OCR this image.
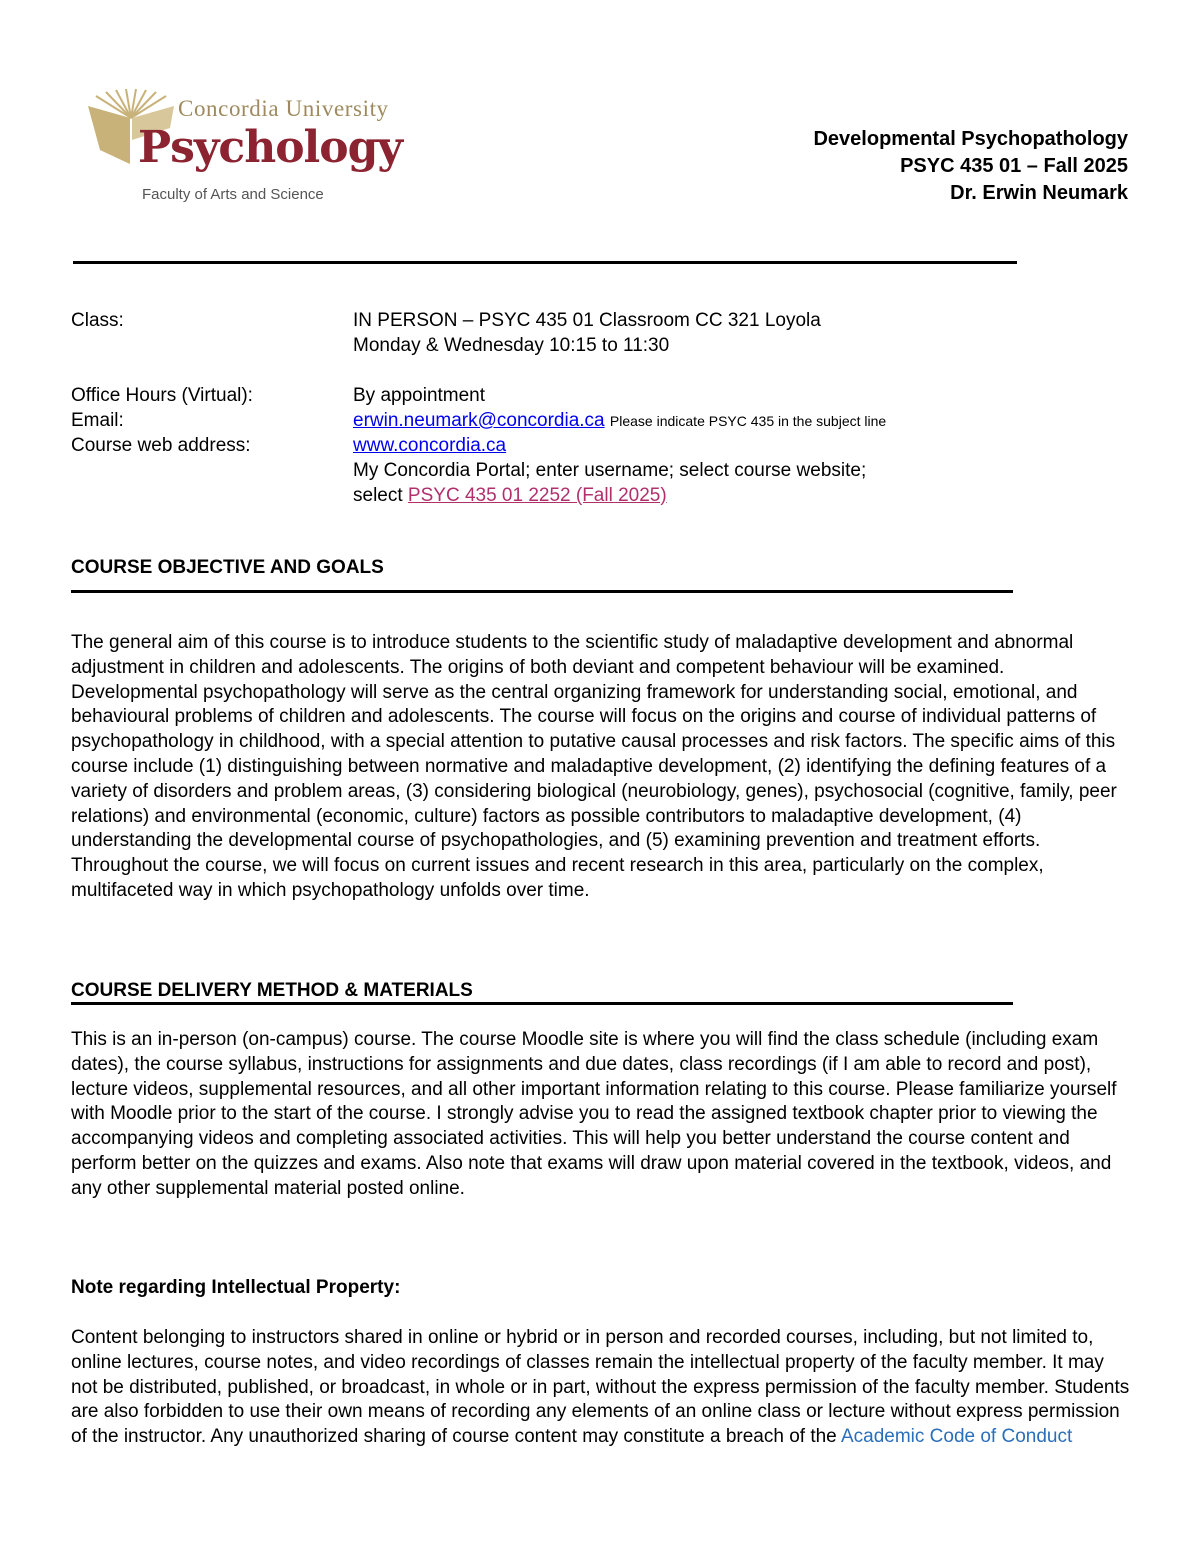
Concordia University
Psychology
Faculty of Arts and Science
Developmental Psychopathology
PSYC 435 01 – Fall 2025
Dr. Erwin Neumark
Class:	IN PERSON – PSYC 435 01 Classroom CC 321 Loyola
Monday & Wednesday 10:15 to 11:30
Office Hours (Virtual):	By appointment
Email:	erwin.neumark@concordia.ca Please indicate PSYC 435 in the subject line
Course web address:	www.concordia.ca
My Concordia Portal; enter username; select course website;
select PSYC 435 01 2252 (Fall 2025)
COURSE OBJECTIVE AND GOALS
The general aim of this course is to introduce students to the scientific study of maladaptive development and abnormal adjustment in children and adolescents. The origins of both deviant and competent behaviour will be examined. Developmental psychopathology will serve as the central organizing framework for understanding social, emotional, and behavioural problems of children and adolescents. The course will focus on the origins and course of individual patterns of psychopathology in childhood, with a special attention to putative causal processes and risk factors. The specific aims of this course include (1) distinguishing between normative and maladaptive development, (2) identifying the defining features of a variety of disorders and problem areas, (3) considering biological (neurobiology, genes), psychosocial (cognitive, family, peer relations) and environmental (economic, culture) factors as possible contributors to maladaptive development, (4) understanding the developmental course of psychopathologies, and (5) examining prevention and treatment efforts. Throughout the course, we will focus on current issues and recent research in this area, particularly on the complex, multifaceted way in which psychopathology unfolds over time.
COURSE DELIVERY METHOD & MATERIALS
This is an in-person (on-campus) course. The course Moodle site is where you will find the class schedule (including exam dates), the course syllabus, instructions for assignments and due dates, class recordings (if I am able to record and post), lecture videos, supplemental resources, and all other important information relating to this course. Please familiarize yourself with Moodle prior to the start of the course. I strongly advise you to read the assigned textbook chapter prior to viewing the accompanying videos and completing associated activities. This will help you better understand the course content and perform better on the quizzes and exams. Also note that exams will draw upon material covered in the textbook, videos, and any other supplemental material posted online.
Note regarding Intellectual Property:
Content belonging to instructors shared in online or hybrid or in person and recorded courses, including, but not limited to, online lectures, course notes, and video recordings of classes remain the intellectual property of the faculty member. It may not be distributed, published, or broadcast, in whole or in part, without the express permission of the faculty member. Students are also forbidden to use their own means of recording any elements of an online class or lecture without express permission of the instructor. Any unauthorized sharing of course content may constitute a breach of the Academic Code of Conduct
